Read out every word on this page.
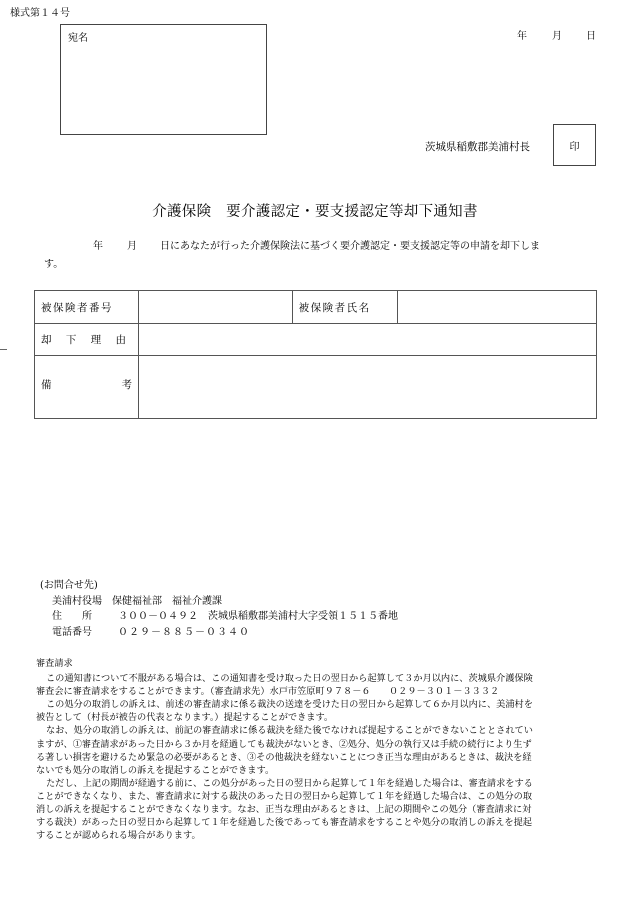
様式第１４号
宛名	年	月 日
茨城県稲敷郡美浦村長	印
介護保険　要介護認定・要支援認定等却下通知書
年 月 日にあなたが行った介護保険法に基づく要介護認定・要支援認定等の申請を却下しま
す。
被保険者番号		被保険者氏名	
却 下 理 由			

備 考			

(お問合せ先)
美浦村役場　保健福祉部　福祉介護課
住　　所	３００－０４９２　茨城県稲敷郡美浦村大字受領１５１５番地
電話番号	０２９－８８５－０３４０

審査請求

この通知書について不服がある場合は、この通知書を受け取った日の翌日から起算して３か月以内に、茨城県介護保険

審査会に審査請求をすることができます。（審査請求先）水戸市笠原町９７８－６　　０２９－３０１－３３３２

この処分の取消しの訴えは、前述の審査請求に係る裁決の送達を受けた日の翌日から起算して６か月以内に、美浦村を

被告として（村長が被告の代表となります。）提起することができます。

なお、処分の取消しの訴えは、前記の審査請求に係る裁決を経た後でなければ提起することができないこととされてい

ますが、①審査請求があった日から３か月を経過しても裁決がないとき、②処分、処分の執行又は手続の続行により生ず

る著しい損害を避けるため緊急の必要があるとき、③その他裁決を経ないことにつき正当な理由があるときは、裁決を経

ないでも処分の取消しの訴えを提起することができます。

ただし、上記の期間が経過する前に、この処分があった日の翌日から起算して１年を経過した場合は、審査請求をする

ことができなくなり、また、審査請求に対する裁決のあった日の翌日から起算して１年を経過した場合は、この処分の取

消しの訴えを提起することができなくなります。なお、正当な理由があるときは、上記の期間やこの処分（審査請求に対

する裁決）があった日の翌日から起算して１年を経過した後であっても審査請求をすることや処分の取消しの訴えを提起

することが認められる場合があります。
